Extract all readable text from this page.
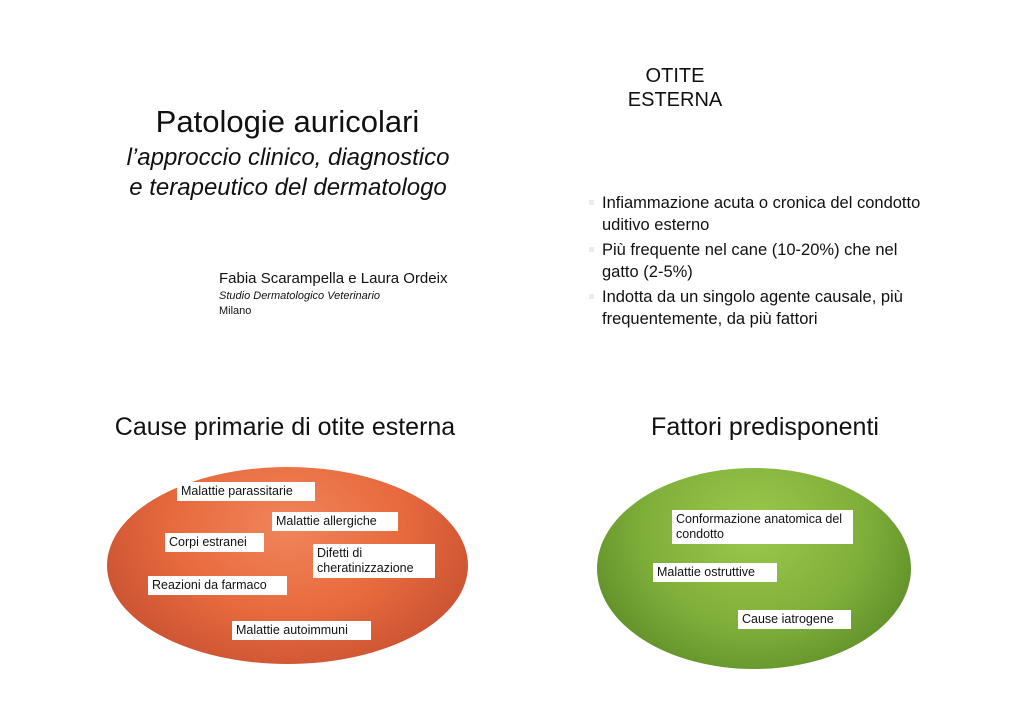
Patologie auricolari
l’approccio clinico, diagnostico
e terapeutico del dermatologo
Fabia Scarampella e Laura Ordeix
Studio Dermatologico Veterinario
Milano
OTITE
ESTERNA
Infiammazione acuta o cronica del condotto uditivo esterno
Più frequente nel cane (10-20%) che nel gatto (2-5%)
Indotta da un singolo agente causale, più frequentemente, da più fattori
Cause primarie di otite esterna
Malattie parassitarie
Malattie allergiche
Corpi estranei
Difetti di cheratinizzazione
Reazioni da farmaco
Malattie autoimmuni
Fattori predisponenti
Conformazione anatomica del condotto
Malattie ostruttive
Cause iatrogene
